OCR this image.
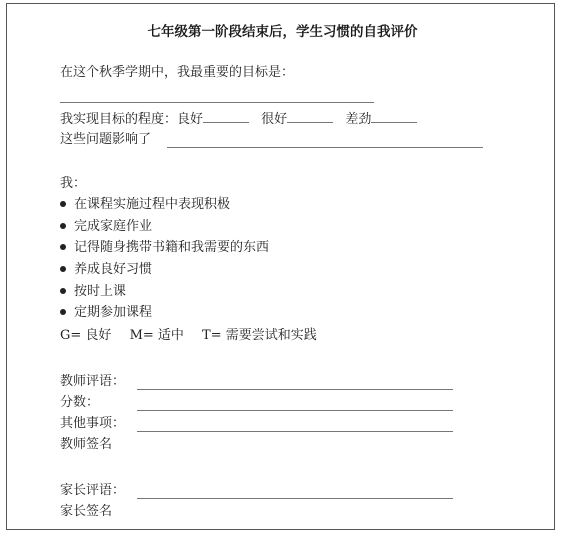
七年级第一阶段结束后，学生习惯的自我评价
在这个秋季学期中，我最重要的目标是：
我实现目标的程度：良好	很好	差劲
这些问题影响了
我：
在课程实施过程中表现积极
完成家庭作业
记得随身携带书籍和我需要的东西
养成良好习惯
按时上课
定期参加课程
G= 良好 M= 适中 T= 需要尝试和实践
教师评语：
分数：
其他事项：
教师签名
家长评语：
家长签名
